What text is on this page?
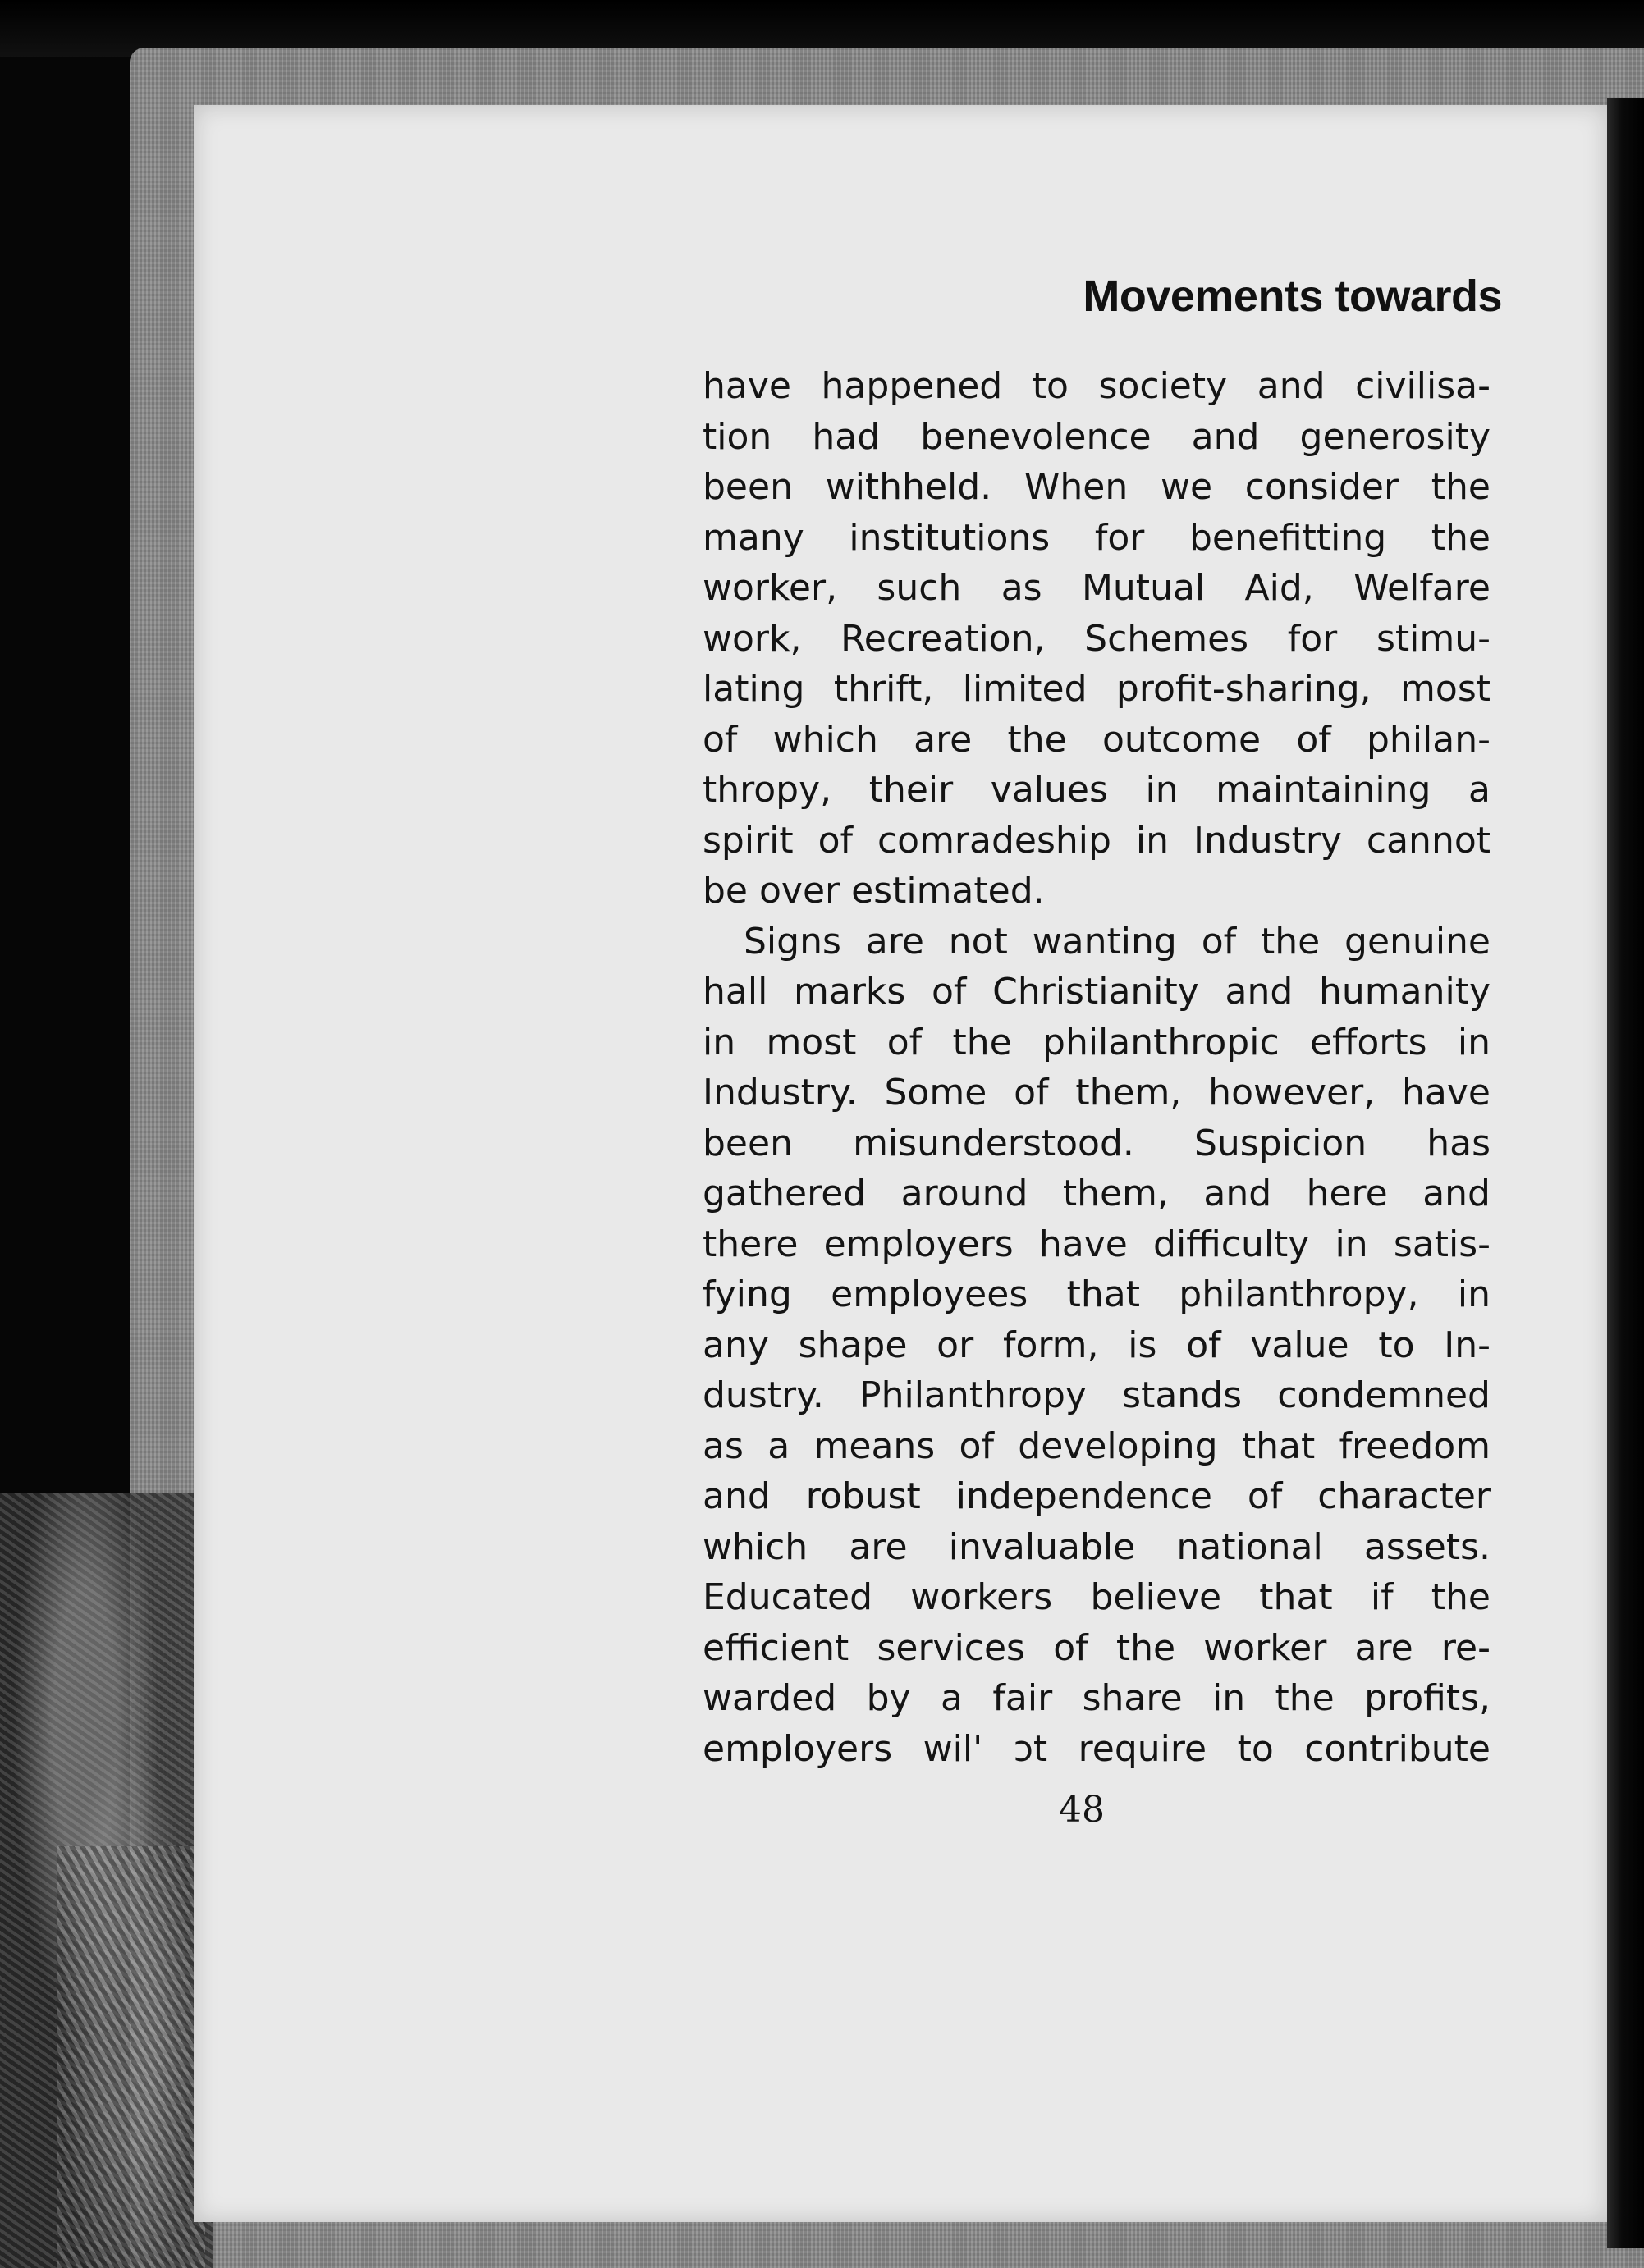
Movements towards
have happened to society and civilisa-
tion had benevolence and generosity
been withheld. When we consider the
many institutions for benefitting the
worker, such as Mutual Aid, Welfare
work, Recreation, Schemes for stimu-
lating thrift, limited profit-sharing, most
of which are the outcome of philan-
thropy, their values in maintaining a
spirit of comradeship in Industry cannot
be over estimated.
Signs are not wanting of the genuine
hall marks of Christianity and humanity
in most of the philanthropic efforts in
Industry. Some of them, however, have
been misunderstood. Suspicion has
gathered around them, and here and
there employers have difficulty in satis-
fying employees that philanthropy, in
any shape or form, is of value to In-
dustry. Philanthropy stands condemned
as a means of developing that freedom
and robust independence of character
which are invaluable national assets.
Educated workers believe that if the
efficient services of the worker are re-
warded by a fair share in the profits,
employers wil' ɔt require to contribute
48
